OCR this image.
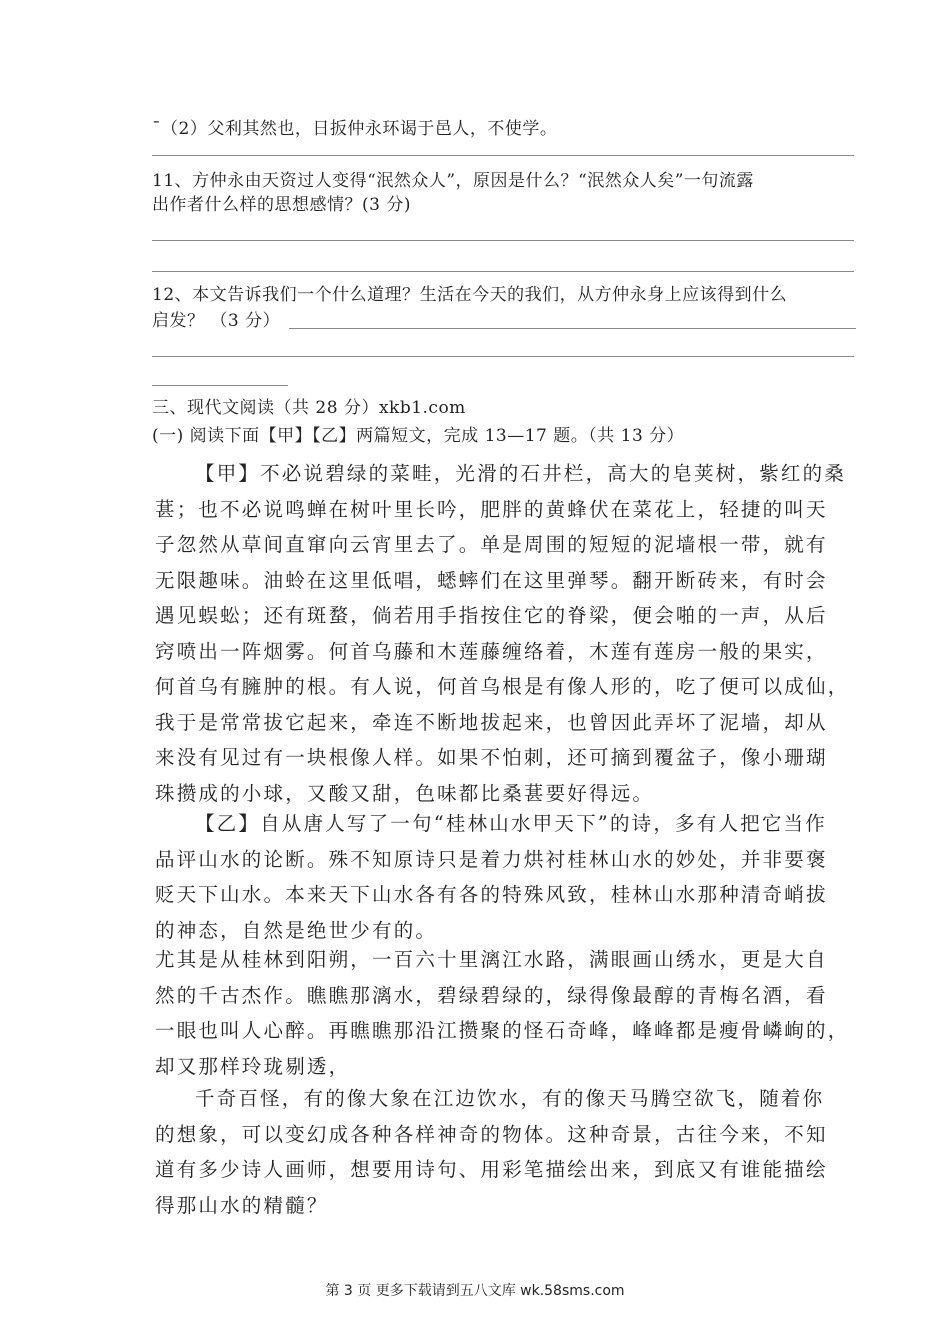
¯（2）父利其然也，日扳仲永环谒于邑人，不使学。
11、方仲永由天资过人变得“泯然众人”，原因是什么？“泯然众人矣”一句流露
出作者什么样的思想感情？(3 分)
12、本文告诉我们一个什么道理？生活在今天的我们，从方仲永身上应该得到什么
启发？ （3 分）
三、现代文阅读（共 28 分）xkb1.com
(一) 阅读下面【甲】【乙】两篇短文，完成 13—17 题。（共 13 分）
【甲】不必说碧绿的菜畦，光滑的石井栏，高大的皂荚树，紫红的桑
葚；也不必说鸣蝉在树叶里长吟，肥胖的黄蜂伏在菜花上，轻捷的叫天
子忽然从草间直窜向云宵里去了。单是周围的短短的泥墙根一带，就有
无限趣味。油蛉在这里低唱，蟋蟀们在这里弹琴。翻开断砖来，有时会
遇见蜈蚣；还有斑蝥，倘若用手指按住它的脊梁，便会啪的一声，从后
窍喷出一阵烟雾。何首乌藤和木莲藤缠络着，木莲有莲房一般的果实，
何首乌有臃肿的根。有人说，何首乌根是有像人形的，吃了便可以成仙，
我于是常常拔它起来，牵连不断地拔起来，也曾因此弄坏了泥墙，却从
来没有见过有一块根像人样。如果不怕刺，还可摘到覆盆子，像小珊瑚
珠攒成的小球，又酸又甜，色味都比桑葚要好得远。
【乙】自从唐人写了一句“桂林山水甲天下”的诗，多有人把它当作
品评山水的论断。殊不知原诗只是着力烘衬桂林山水的妙处，并非要褒
贬天下山水。本来天下山水各有各的特殊风致，桂林山水那种清奇峭拔
的神态，自然是绝世少有的。
尤其是从桂林到阳朔，一百六十里漓江水路，满眼画山绣水，更是大自
然的千古杰作。瞧瞧那漓水，碧绿碧绿的，绿得像最醇的青梅名酒，看
一眼也叫人心醉。再瞧瞧那沿江攒聚的怪石奇峰，峰峰都是瘦骨嶙峋的，
却又那样玲珑剔透，
千奇百怪，有的像大象在江边饮水，有的像天马腾空欲飞，随着你
的想象，可以变幻成各种各样神奇的物体。这种奇景，古往今来，不知
道有多少诗人画师，想要用诗句、用彩笔描绘出来，到底又有谁能描绘
得那山水的精髓？
第 3 页 更多下载请到五八文库 wk.58sms.com
